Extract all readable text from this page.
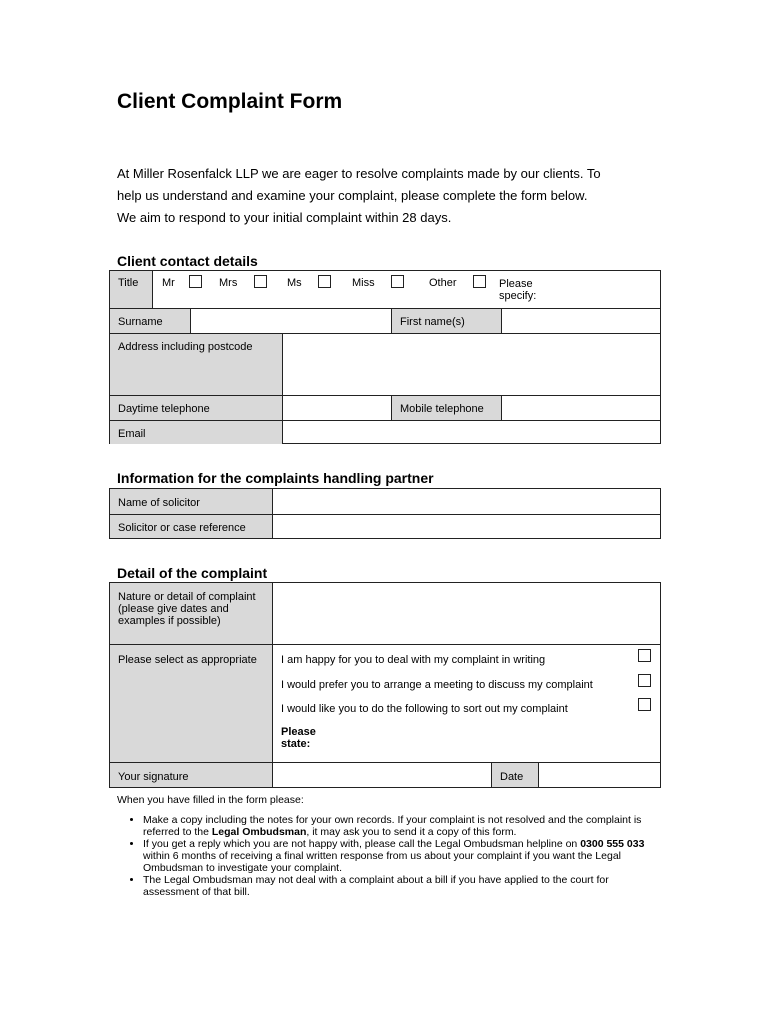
Client Complaint Form

At Miller Rosenfalck LLP we are eager to resolve complaints made by our clients. To

help us understand and examine your complaint, please complete the form below.

We aim to respond to your initial complaint within 28 days.

Client contact details
Title	Mr	Mrs	Ms	Miss	Other	Please specify:
Surname	First name(s)
Address including postcode
Daytime telephone	Mobile telephone
Email
Information for the complaints handling partner
Name of solicitor
Solicitor or case reference
Detail of the complaint
Nature or detail of complaint (please give dates and examples if possible)
Please select as appropriate	I am happy for you to deal with my complaint in writing
I would prefer you to arrange a meeting to discuss my complaint
I would like you to do the following to sort out my complaint
Please state:
Your signature	Date
When you have filled in the form please:
• Make a copy including the notes for your own records. If your complaint is not resolved and the complaint is referred to the Legal Ombudsman, it may ask you to send it a copy of this form.
• If you get a reply which you are not happy with, please call the Legal Ombudsman helpline on 0300 555 033 within 6 months of receiving a final written response from us about your complaint if you want the Legal Ombudsman to investigate your complaint.
• The Legal Ombudsman may not deal with a complaint about a bill if you have applied to the court for assessment of that bill.
